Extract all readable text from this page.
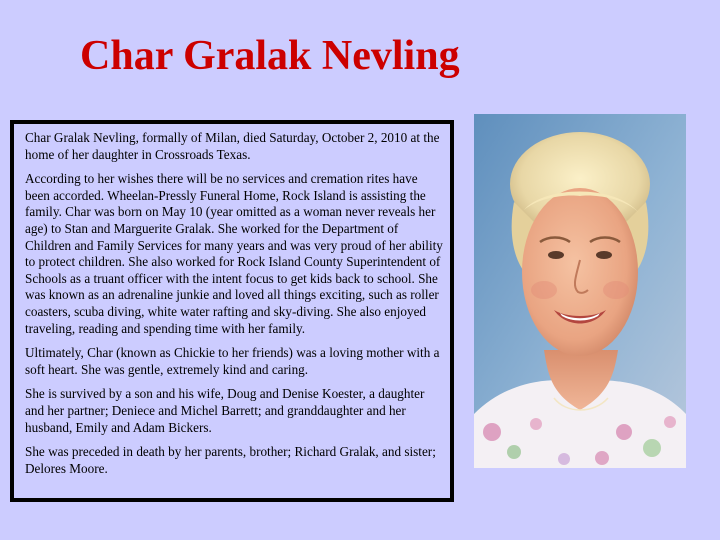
Char Gralak Nevling

Char Gralak Nevling, formally of Milan, died Saturday, October 2, 2010 at the home of her daughter in Crossroads Texas.

According to her wishes there will be no services and cremation rites have been accorded. Wheelan-Pressly Funeral Home, Rock Island is assisting the family. Char was born on May 10 (year omitted as a woman never reveals her age) to Stan and Marguerite Gralak. She worked for the Department of Children and Family Services for many years and was very proud of her ability to protect children. She also worked for Rock Island County Superintendent of Schools as a truant officer with the intent focus to get kids back to school. She was known as an adrenaline junkie and loved all things exciting, such as roller coasters, scuba diving, white water rafting and sky-diving. She also enjoyed traveling, reading and spending time with her family.

Ultimately, Char (known as Chickie to her friends) was a loving mother with a soft heart. She was gentle, extremely kind and caring.

She is survived by a son and his wife, Doug and Denise Koester, a daughter and her partner; Deniece and Michel Barrett; and granddaughter and her husband, Emily and Adam Bickers.

She was preceded in death by her parents, brother; Richard Gralak, and sister; Delores Moore.
